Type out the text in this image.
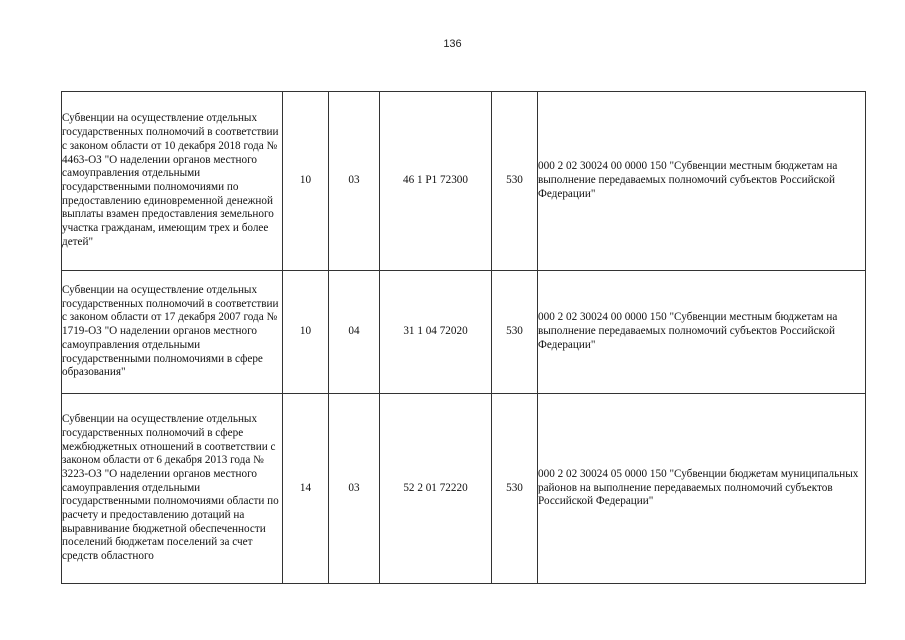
136
Субвенции на осуществление отдельных государственных полномочий в соответствии с законом области от 10 декабря 2018 года № 4463-ОЗ "О наделении органов местного самоуправления отдельными государственными полномочиями по предоставлению единовременной денежной выплаты взамен предоставления земельного участка гражданам, имеющим трех и более детей"	10	03	46 1 P1 72300	530	000 2 02 30024 00 0000 150 "Субвенции местным бюджетам на выполнение передаваемых полномочий субъектов Российской Федерации"
Субвенции на осуществление отдельных государственных полномочий в соответствии с законом области от 17 декабря 2007 года № 1719-ОЗ "О наделении органов местного самоуправления отдельными государственными полномочиями в сфере образования"	10	04	31 1 04 72020	530	000 2 02 30024 00 0000 150 "Субвенции местным бюджетам на выполнение передаваемых полномочий субъектов Российской Федерации"
Субвенции на осуществление отдельных государственных полномочий в сфере межбюджетных отношений в соответствии с законом области от 6 декабря 2013 года № 3223-ОЗ "О наделении органов местного самоуправления отдельными государственными полномочиями области по расчету и предоставлению дотаций на выравнивание бюджетной обеспеченности поселений бюджетам поселений за счет средств областного	14	03	52 2 01 72220	530	000 2 02 30024 05 0000 150 "Субвенции бюджетам муниципальных районов на выполнение передаваемых полномочий субъектов Российской Федерации"
